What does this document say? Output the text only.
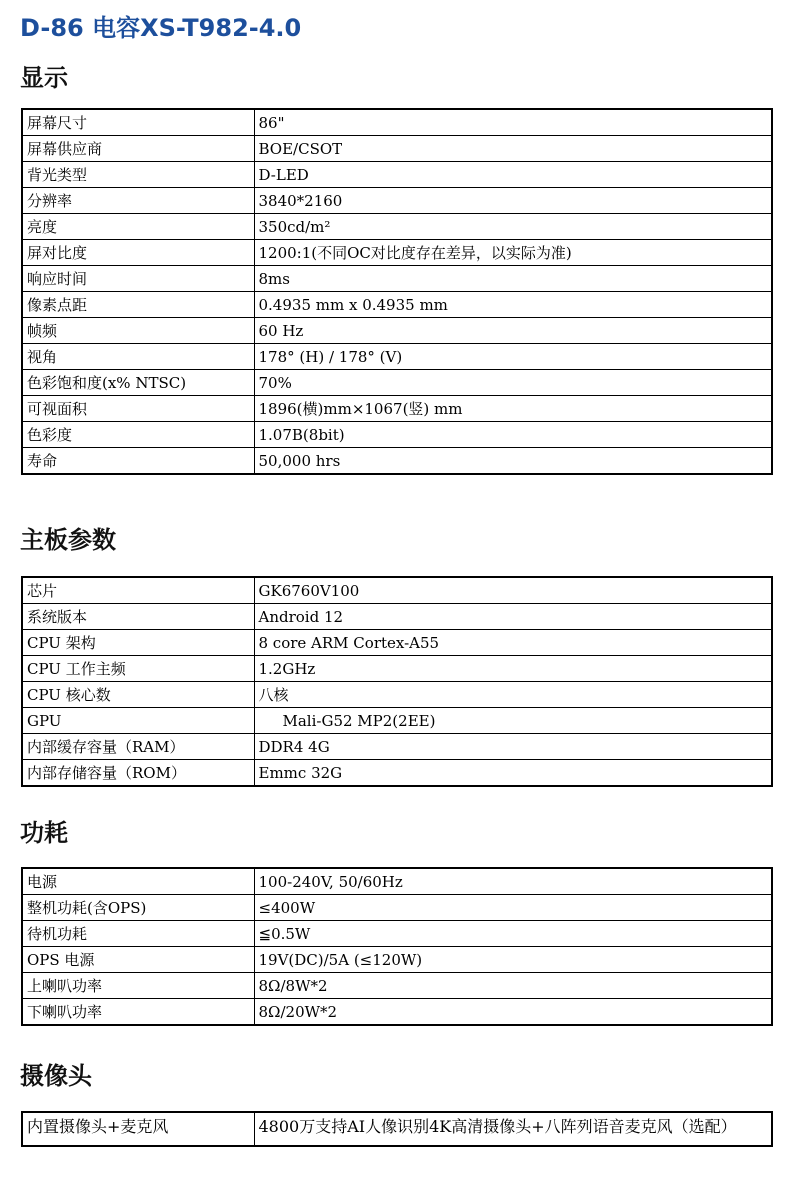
D-86 电容XS-T982-4.0
显示
屏幕尺寸	86"
屏幕供应商	BOE/CSOT
背光类型	D-LED
分辨率	3840*2160
亮度	350cd/m²
屏对比度	1200:1(不同OC对比度存在差异，以实际为准)
响应时间	8ms
像素点距	0.4935 mm x 0.4935 mm
帧频	60 Hz
视角	178° (H) / 178° (V)
色彩饱和度(x% NTSC)	70%
可视面积	1896(横)mm×1067(竖) mm
色彩度	1.07B(8bit)
寿命	50,000 hrs
主板参数
芯片	GK6760V100
系统版本	Android 12
CPU 架构	8 core ARM Cortex-A55
CPU 工作主频	1.2GHz
CPU 核心数	八核
GPU	Mali-G52 MP2(2EE)
内部缓存容量（RAM）	DDR4 4G
内部存储容量（ROM）	Emmc 32G
功耗
电源	100-240V, 50/60Hz
整机功耗(含OPS)	≤400W
待机功耗	≦0.5W
OPS 电源	19V(DC)/5A (≤120W)
上喇叭功率	8Ω/8W*2
下喇叭功率	8Ω/20W*2
摄像头
内置摄像头+麦克风	4800万支持AI人像识别4K高清摄像头+八阵列语音麦克风（选配）
